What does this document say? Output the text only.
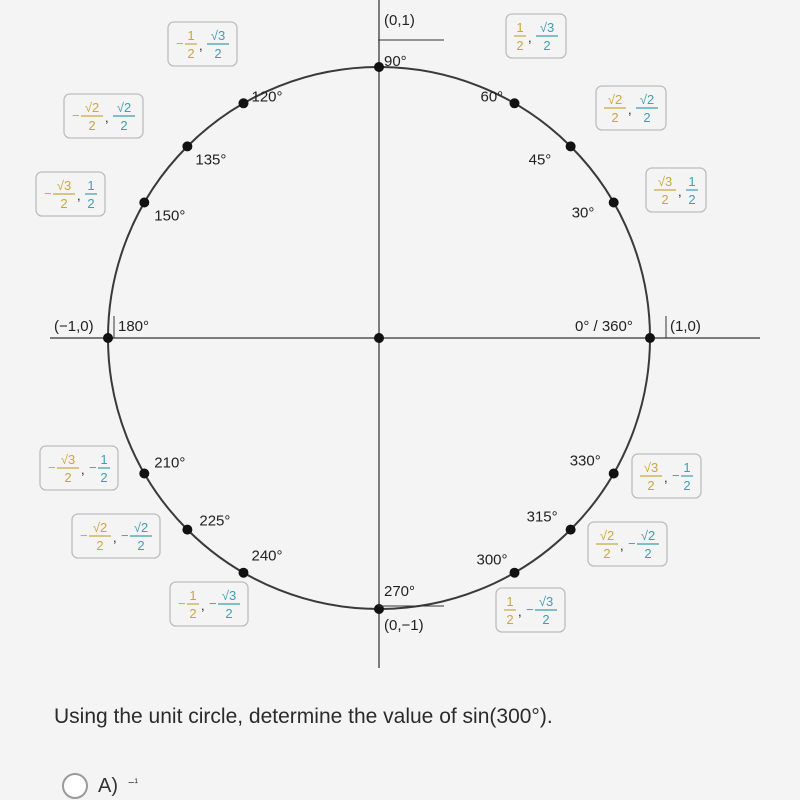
90°
(0,1)
0° / 360° (1,0)
180°
(−1,0)
270°
(0,−1)
30°
√3
2
,
1
2
45°
√2
2
,
√2
2
60°
1
2
,
√3
2
120°
−
1
2
,
√3
2
135°
−
√2
2
,
√2
2
150°
−
√3
2
,
1
2
210°
−
√3
2
, −
1
2
225°
−
√2
2
, −
√2
2
240°
−
1
2
, −
√3
2
300°
1
2
, −
√3
2
315°
√2
2
, −
√2
2
330°	√3
2
, −
1
2
Using the unit circle, determine the value of sin(300°).
A) −¹
